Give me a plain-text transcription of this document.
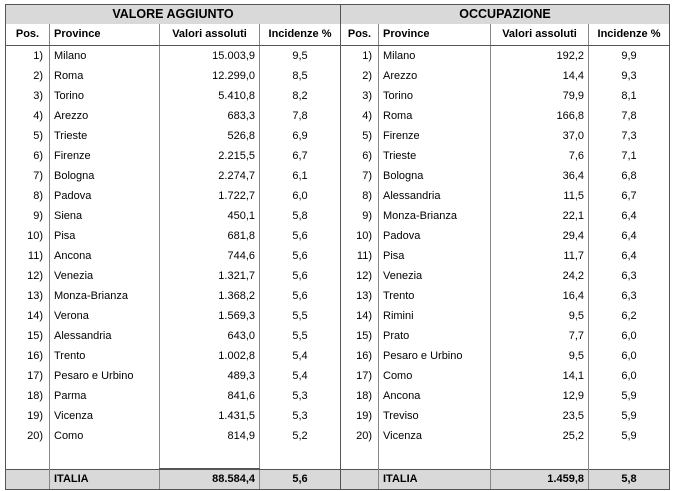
VALORE AGGIUNTO				OCCUPAZIONE			
Pos.	Province	Valori assoluti	Incidenze %	Pos.	Province	Valori assoluti	Incidenze %
1)	Milano	15.003,9	9,5	1)	Milano	192,2	9,9
2)	Roma	12.299,0	8,5	2)	Arezzo	14,4	9,3
3)	Torino	5.410,8	8,2	3)	Torino	79,9	8,1
4)	Arezzo	683,3	7,8	4)	Roma	166,8	7,8
5)	Trieste	526,8	6,9	5)	Firenze	37,0	7,3
6)	Firenze	2.215,5	6,7	6)	Trieste	7,6	7,1
7)	Bologna	2.274,7	6,1	7)	Bologna	36,4	6,8
8)	Padova	1.722,7	6,0	8)	Alessandria	11,5	6,7
9)	Siena	450,1	5,8	9)	Monza-Brianza	22,1	6,4
10)	Pisa	681,8	5,6	10)	Padova	29,4	6,4
11)	Ancona	744,6	5,6	11)	Pisa	11,7	6,4
12)	Venezia	1.321,7	5,6	12)	Venezia	24,2	6,3
13)	Monza-Brianza	1.368,2	5,6	13)	Trento	16,4	6,3
14)	Verona	1.569,3	5,5	14)	Rimini	9,5	6,2
15)	Alessandria	643,0	5,5	15)	Prato	7,7	6,0
16)	Trento	1.002,8	5,4	16)	Pesaro e Urbino	9,5	6,0
17)	Pesaro e Urbino	489,3	5,4	17)	Como	14,1	6,0
18)	Parma	841,6	5,3	18)	Ancona	12,9	5,9
19)	Vicenza	1.431,5	5,3	19)	Treviso	23,5	5,9
20)	Como	814,9	5,2	20)	Vicenza	25,2	5,9

	ITALIA	88.584,4	5,6		ITALIA	1.459,8	5,8
